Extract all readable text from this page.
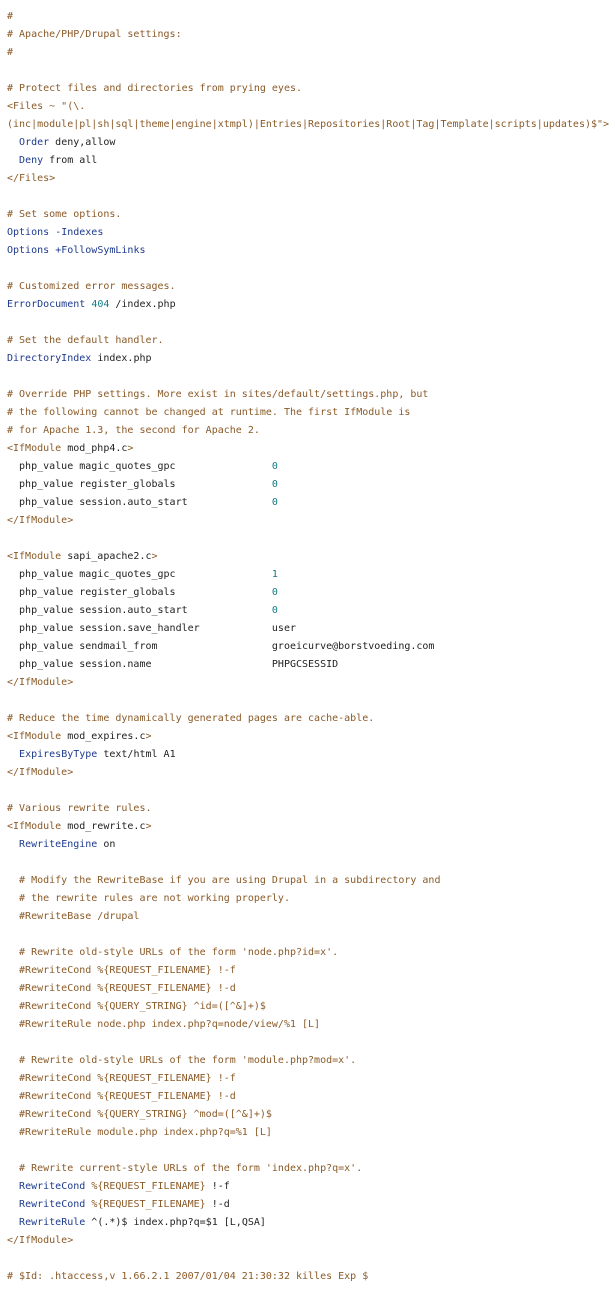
#
# Apache/PHP/Drupal settings:
#
# Protect files and directories from prying eyes.
<Files ~ "(\.
(inc|module|pl|sh|sql|theme|engine|xtmpl)|Entries|Repositories|Root|Tag|Template|scripts|updates)$">
Order deny,allow
Deny from all
</Files>
# Set some options.
Options -Indexes
Options +FollowSymLinks
# Customized error messages.
ErrorDocument 404 /index.php
# Set the default handler.
DirectoryIndex index.php
# Override PHP settings. More exist in sites/default/settings.php, but
# the following cannot be changed at runtime. The first IfModule is
# for Apache 1.3, the second for Apache 2.
<IfModule mod_php4.c>
php_value magic_quotes_gpc                0
php_value register_globals                0
php_value session.auto_start              0
</IfModule>
<IfModule sapi_apache2.c>
php_value magic_quotes_gpc                1
php_value register_globals                0
php_value session.auto_start              0
php_value session.save_handler            user
php_value sendmail_from                   groeicurve@borstvoeding.com
php_value session.name                    PHPGCSESSID
</IfModule>
# Reduce the time dynamically generated pages are cache-able.
<IfModule mod_expires.c>
ExpiresByType text/html A1
</IfModule>
# Various rewrite rules.
<IfModule mod_rewrite.c>
RewriteEngine on
# Modify the RewriteBase if you are using Drupal in a subdirectory and
# the rewrite rules are not working properly.
#RewriteBase /drupal
# Rewrite old-style URLs of the form 'node.php?id=x'.
#RewriteCond %{REQUEST_FILENAME} !-f
#RewriteCond %{REQUEST_FILENAME} !-d
#RewriteCond %{QUERY_STRING} ^id=([^&]+)$
#RewriteRule node.php index.php?q=node/view/%1 [L]
# Rewrite old-style URLs of the form 'module.php?mod=x'.
#RewriteCond %{REQUEST_FILENAME} !-f
#RewriteCond %{REQUEST_FILENAME} !-d
#RewriteCond %{QUERY_STRING} ^mod=([^&]+)$
#RewriteRule module.php index.php?q=%1 [L]
# Rewrite current-style URLs of the form 'index.php?q=x'.
RewriteCond %{REQUEST_FILENAME} !-f
RewriteCond %{REQUEST_FILENAME} !-d
RewriteRule ^(.*)$ index.php?q=$1 [L,QSA]
</IfModule>
# $Id: .htaccess,v 1.66.2.1 2007/01/04 21:30:32 killes Exp $
